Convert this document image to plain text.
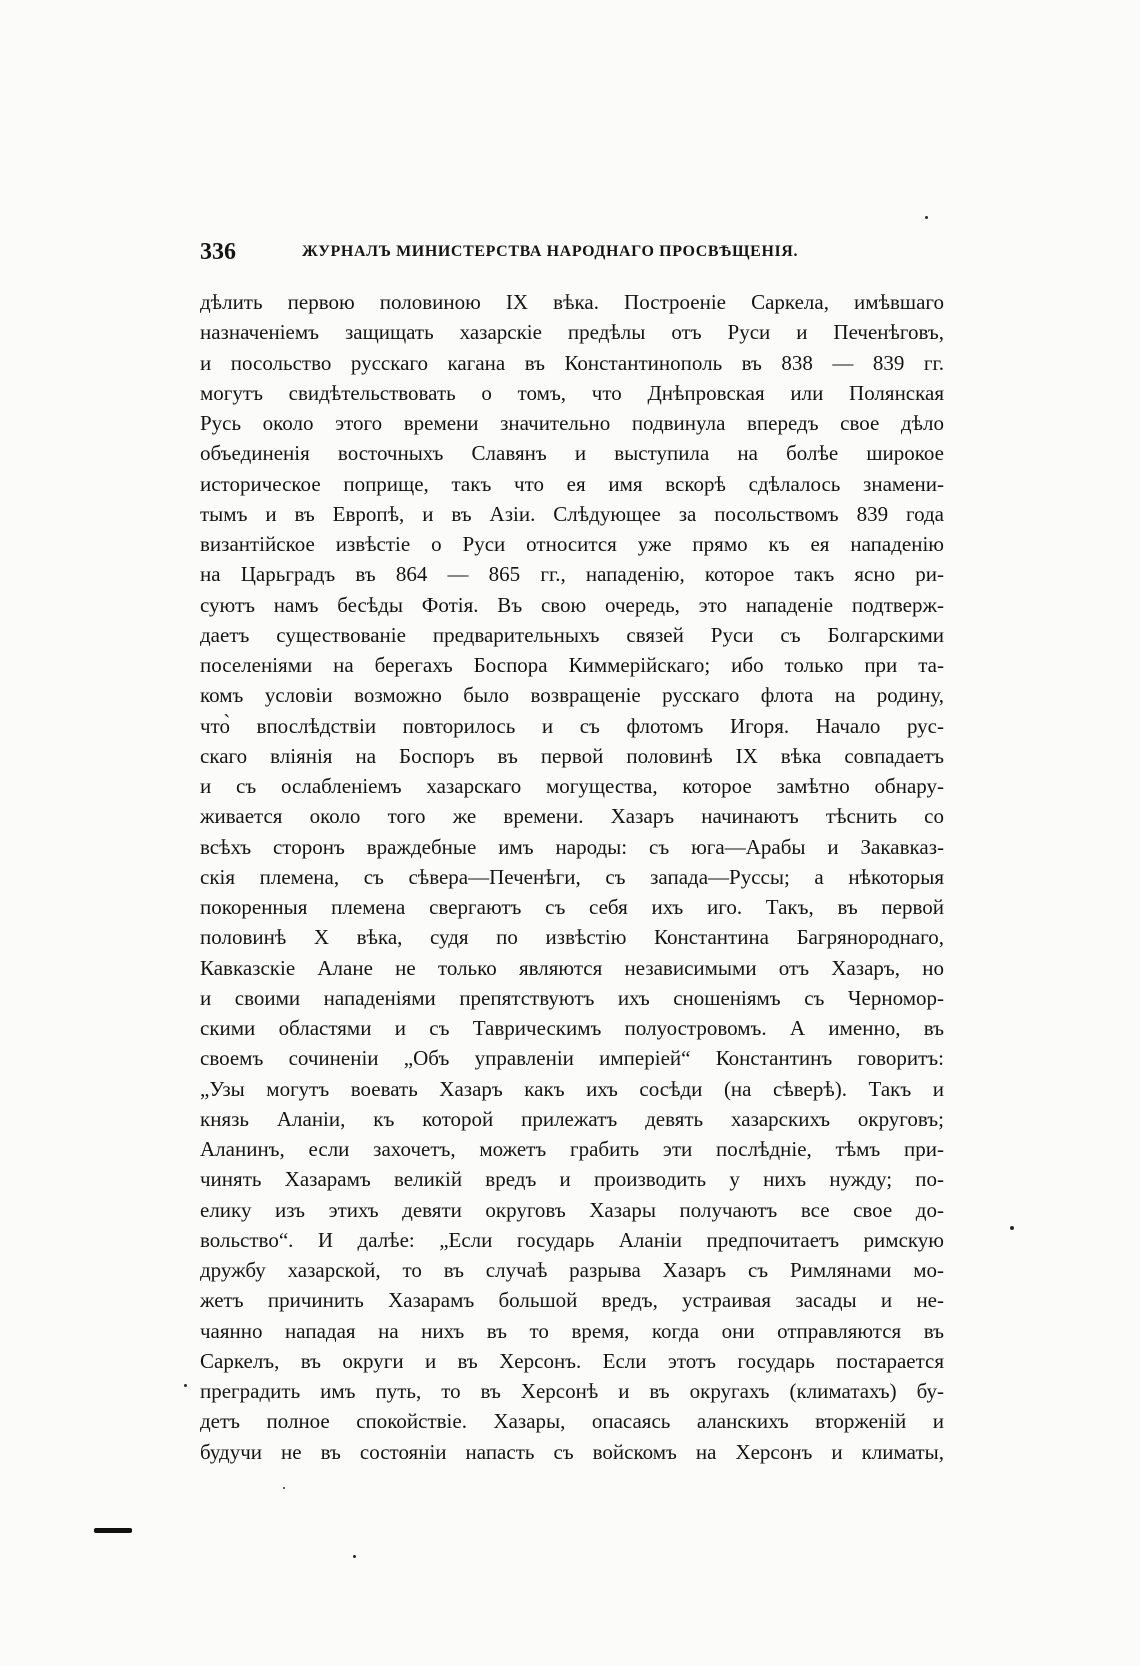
336	ЖУРНАЛЪ МИНИСТЕРСТВА НАРОДНАГО ПРОСВѢЩЕНІЯ.
дѣлить первою половиною IX вѣка. Построеніе Саркела, имѣвшаго
назначеніемъ защищать хазарскіе предѣлы отъ Руси и Печенѣговъ,
и посольство русскаго кагана въ Константинополь въ 838 — 839 гг.
могутъ свидѣтельствовать о томъ, что Днѣпровская или Полянская
Русь около этого времени значительно подвинула впередъ свое дѣло
объединенія восточныхъ Славянъ и выступила на болѣе широкое
историческое поприще, такъ что ея имя вскорѣ сдѣлалось знамени-
тымъ и въ Европѣ, и въ Азіи. Слѣдующее за посольствомъ 839 года
византійское извѣстіе о Руси относится уже прямо къ ея нападенію
на Царьградъ въ 864 — 865 гг., нападенію, которое такъ ясно ри-
суютъ намъ бесѣды Фотія. Въ свою очередь, это нападеніе подтверж-
даетъ существованіе предварительныхъ связей Руси съ Болгарскими
поселеніями на берегахъ Боспора Киммерійскаго; ибо только при та-
комъ условіи возможно было возвращеніе русскаго флота на родину,
что̀ впослѣдствіи повторилось и съ флотомъ Игоря. Начало рус-
скаго вліянія на Боспоръ въ первой половинѣ IX вѣка совпадаетъ
и съ ослабленіемъ хазарскаго могущества, которое замѣтно обнару-
живается около того же времени. Хазаръ начинаютъ тѣснить со
всѣхъ сторонъ враждебные имъ народы: съ юга—Арабы и Закавказ-
скія племена, съ сѣвера—Печенѣги, съ запада—Руссы; а нѣкоторыя
покоренныя племена свергаютъ съ себя ихъ иго. Такъ, въ первой
половинѣ X вѣка, судя по извѣстію Константина Багрянороднаго,
Кавказскіе Алане не только являются независимыми отъ Хазаръ, но
и своими нападеніями препятствуютъ ихъ сношеніямъ съ Черномор-
скими областями и съ Таврическимъ полуостровомъ. А именно, въ
своемъ сочиненіи „Объ управленіи имперіей“ Константинъ говоритъ:
„Узы могутъ воевать Хазаръ какъ ихъ сосѣди (на сѣверѣ). Такъ и
князь Аланіи, къ которой прилежатъ девять хазарскихъ округовъ;
Аланинъ, если захочетъ, можетъ грабить эти послѣдніе, тѣмъ при-
чинять Хазарамъ великій вредъ и производить у нихъ нужду; по-
елику изъ этихъ девяти округовъ Хазары получаютъ все свое до-
вольство“. И далѣе: „Если государь Аланіи предпочитаетъ римскую
дружбу хазарской, то въ случаѣ разрыва Хазаръ съ Римлянами мо-
жетъ причинить Хазарамъ большой вредъ, устраивая засады и не-
чаянно нападая на нихъ въ то время, когда они отправляются въ
Саркелъ, въ округи и въ Херсонъ. Если этотъ государь постарается
преградить имъ путь, то въ Херсонѣ и въ округахъ (климатахъ) бу-
детъ полное спокойствіе. Хазары, опасаясь аланскихъ вторженій и
будучи не въ состояніи напасть съ войскомъ на Херсонъ и климаты,
